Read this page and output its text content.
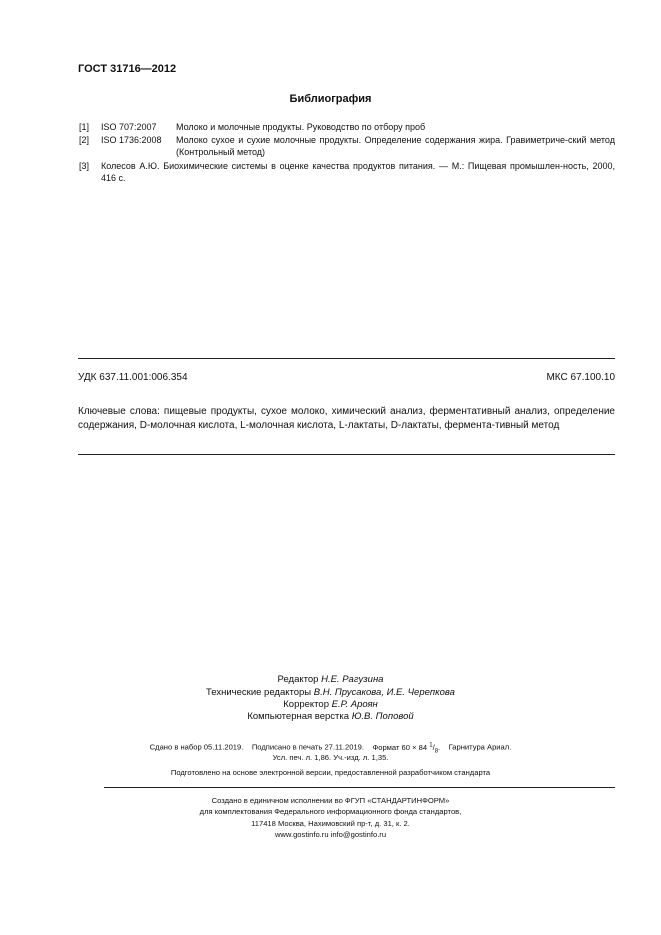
ГОСТ 31716—2012
Библиография
[1]	ISO 707:2007	Молоко и молочные продукты. Руководство по отбору проб
[2]	ISO 1736:2008	Молоко сухое и сухие молочные продукты. Определение содержания жира. Гравиметриче-ский метод (Контрольный метод)
[3]	Колесов А.Ю. Биохимические системы в оценке качества продуктов питания. — М.: Пищевая промышлен-ность, 2000, 416 с.
УДК 637.11.001:006.354	МКС 67.100.10
Ключевые слова: пищевые продукты, сухое молоко, химический анализ, ферментативный анализ, определение содержания, D-молочная кислота, L-молочная кислота, L-лактаты, D-лактаты, фермента-тивный метод
Редактор Н.Е. Рагузина
Технические редакторы В.Н. Прусакова, И.Е. Черепкова
Корректор Е.Р. Ароян
Компьютерная верстка Ю.В. Поповой
Сдано в набор 05.11.2019. Подписано в печать 27.11.2019. Формат 60 × 84 $^1/_8$. Гарнитура Ариал.
Усл. печ. л. 1,86. Уч.-изд. л. 1,35.
Подготовлено на основе электронной версии, предоставленной разработчиком стандарта
Создано в единичном исполнении во ФГУП «СТАНДАРТИНФОРМ»
для комплектования Федерального информационного фонда стандартов,
117418 Москва, Нахимовский пр-т, д. 31, к. 2.
www.gostinfo.ru info@gostinfo.ru
